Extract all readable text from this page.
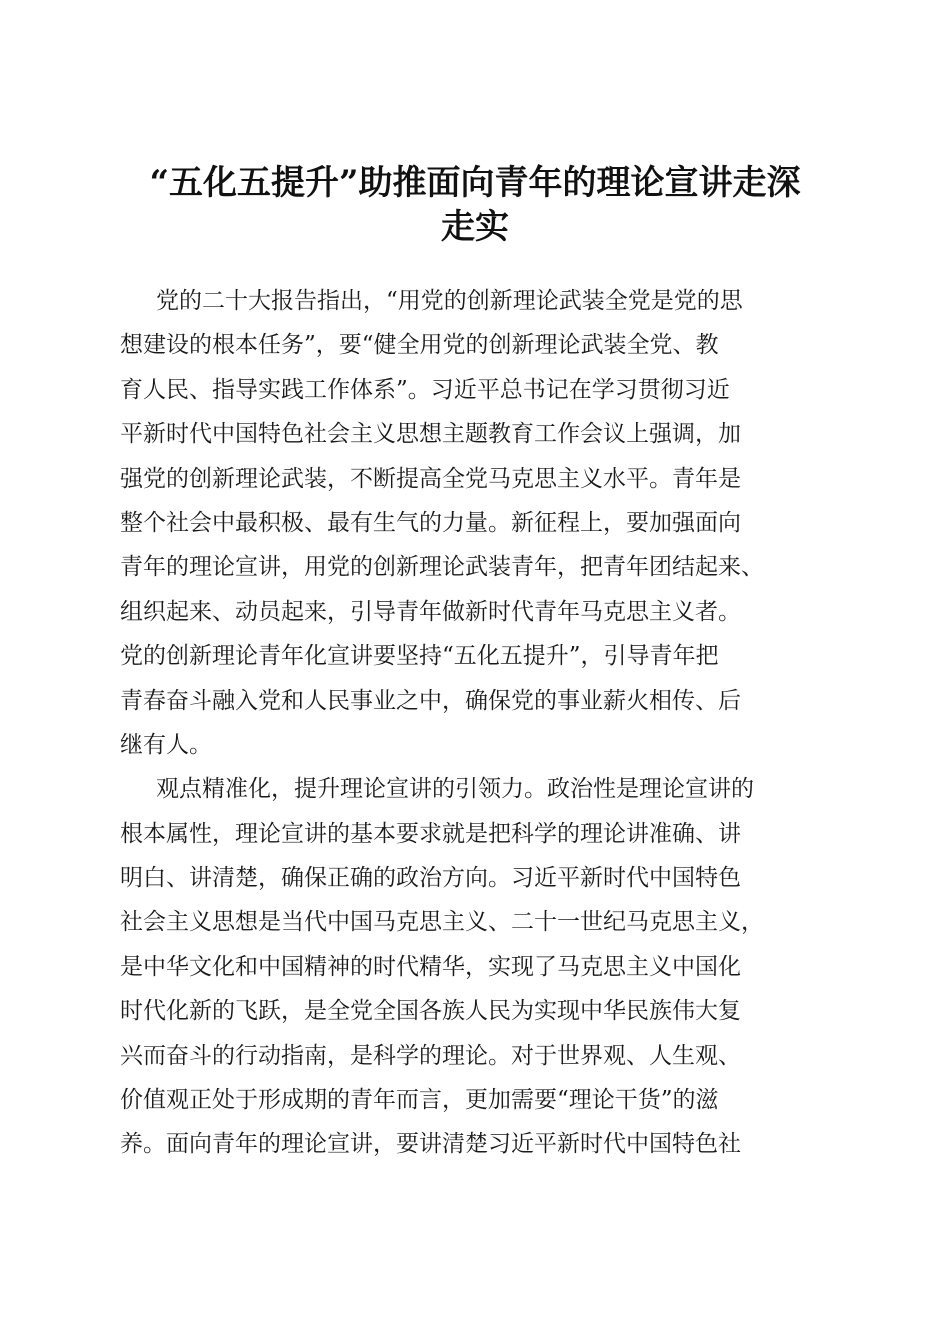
“五化五提升”助推面向青年的理论宣讲走深
走实
党的二十大报告指出，“用党的创新理论武装全党是党的思
想建设的根本任务”，要“健全用党的创新理论武装全党、教
育人民、指导实践工作体系”。习近平总书记在学习贯彻习近
平新时代中国特色社会主义思想主题教育工作会议上强调，加
强党的创新理论武装，不断提高全党马克思主义水平。青年是
整个社会中最积极、最有生气的力量。新征程上，要加强面向
青年的理论宣讲，用党的创新理论武装青年，把青年团结起来、
组织起来、动员起来，引导青年做新时代青年马克思主义者。
党的创新理论青年化宣讲要坚持“五化五提升”，引导青年把
青春奋斗融入党和人民事业之中，确保党的事业薪火相传、后
继有人。
观点精准化，提升理论宣讲的引领力。政治性是理论宣讲的
根本属性，理论宣讲的基本要求就是把科学的理论讲准确、讲
明白、讲清楚，确保正确的政治方向。习近平新时代中国特色
社会主义思想是当代中国马克思主义、二十一世纪马克思主义，
是中华文化和中国精神的时代精华，实现了马克思主义中国化
时代化新的飞跃，是全党全国各族人民为实现中华民族伟大复
兴而奋斗的行动指南，是科学的理论。对于世界观、人生观、
价值观正处于形成期的青年而言，更加需要“理论干货”的滋
养。面向青年的理论宣讲，要讲清楚习近平新时代中国特色社
